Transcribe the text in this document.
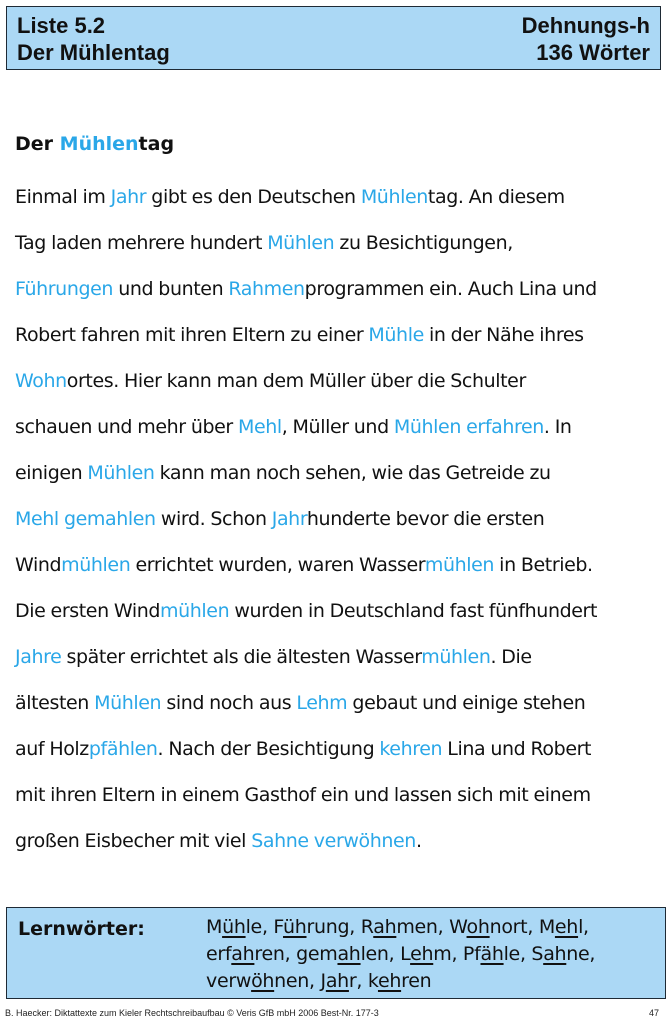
Liste 5.2
Der Mühlentag
Dehnungs-h
136 Wörter
Der Mühlentag
Einmal im Jahr gibt es den Deutschen Mühlentag. An diesem
Tag laden mehrere hundert Mühlen zu Besichtigungen,
Führungen und bunten Rahmenprogrammen ein. Auch Lina und
Robert fahren mit ihren Eltern zu einer Mühle in der Nähe ihres
Wohnortes. Hier kann man dem Müller über die Schulter
schauen und mehr über Mehl, Müller und Mühlen erfahren. In
einigen Mühlen kann man noch sehen, wie das Getreide zu
Mehl gemahlen wird. Schon Jahrhunderte bevor die ersten
Windmühlen errichtet wurden, waren Wassermühlen in Betrieb.
Die ersten Windmühlen wurden in Deutschland fast fünfhundert
Jahre später errichtet als die ältesten Wassermühlen. Die
ältesten Mühlen sind noch aus Lehm gebaut und einige stehen
auf Holzpfählen. Nach der Besichtigung kehren Lina und Robert
mit ihren Eltern in einem Gasthof ein und lassen sich mit einem
großen Eisbecher mit viel Sahne verwöhnen.
Lernwörter:	Mühle, Führung, Rahmen, Wohnort, Mehl,
erfahren, gemahlen, Lehm, Pfähle, Sahne,
verwöhnen, Jahr, kehren
B. Haecker: Diktattexte zum Kieler Rechtschreibaufbau © Veris GfB mbH 2006 Best-Nr. 177-3	47
